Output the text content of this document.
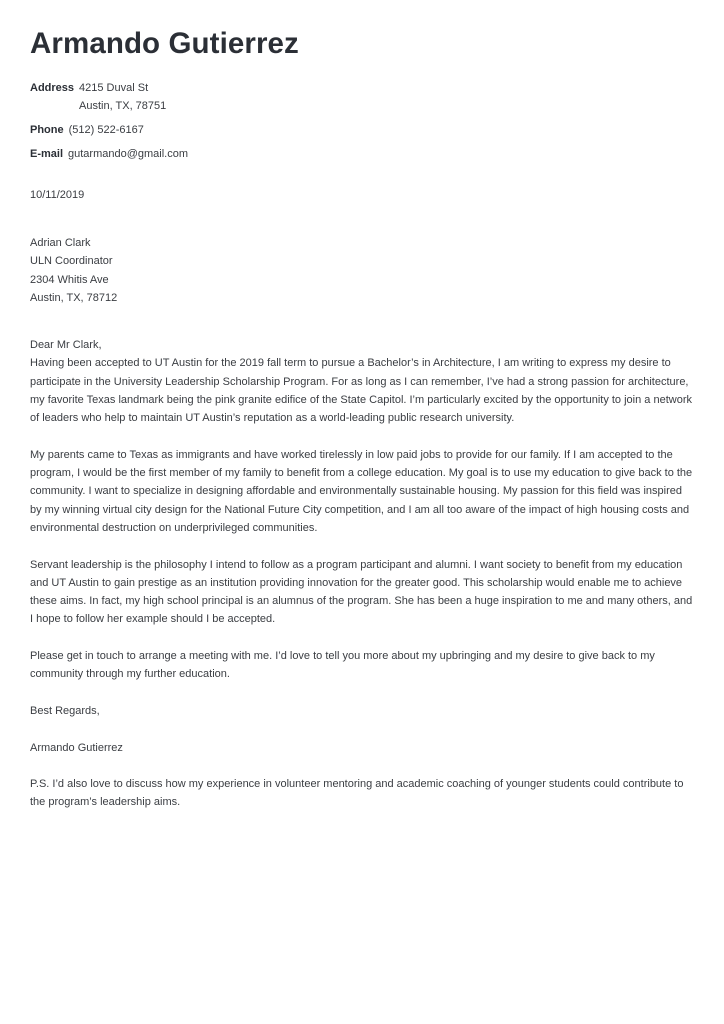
Armando Gutierrez
Address 4215 Duval St
Austin, TX, 78751
Phone (512) 522-6167
E-mail gutarmando@gmail.com
10/11/2019
Adrian Clark
ULN Coordinator
2304 Whitis Ave
Austin, TX, 78712

Dear Mr Clark,

Having been accepted to UT Austin for the 2019 fall term to pursue a Bachelor’s in Architecture, I am writing to express my desire to participate in the University Leadership Scholarship Program. For as long as I can remember, I’ve had a strong passion for architecture, my favorite Texas landmark being the pink granite edifice of the State Capitol. I’m particularly excited by the opportunity to join a network of leaders who help to maintain UT Austin’s reputation as a world-leading public research university.

My parents came to Texas as immigrants and have worked tirelessly in low paid jobs to provide for our family. If I am accepted to the program, I would be the first member of my family to benefit from a college education. My goal is to use my education to give back to the community. I want to specialize in designing affordable and environmentally sustainable housing. My passion for this field was inspired by my winning virtual city design for the National Future City competition, and I am all too aware of the impact of high housing costs and environmental destruction on underprivileged communities.

Servant leadership is the philosophy I intend to follow as a program participant and alumni. I want society to benefit from my education and UT Austin to gain prestige as an institution providing innovation for the greater good. This scholarship would enable me to achieve these aims. In fact, my high school principal is an alumnus of the program. She has been a huge inspiration to me and many others, and I hope to follow her example should I be accepted.

Please get in touch to arrange a meeting with me. I’d love to tell you more about my upbringing and my desire to give back to my community through my further education.

Best Regards,

Armando Gutierrez

P.S. I’d also love to discuss how my experience in volunteer mentoring and academic coaching of younger students could contribute to the program’s leadership aims.
